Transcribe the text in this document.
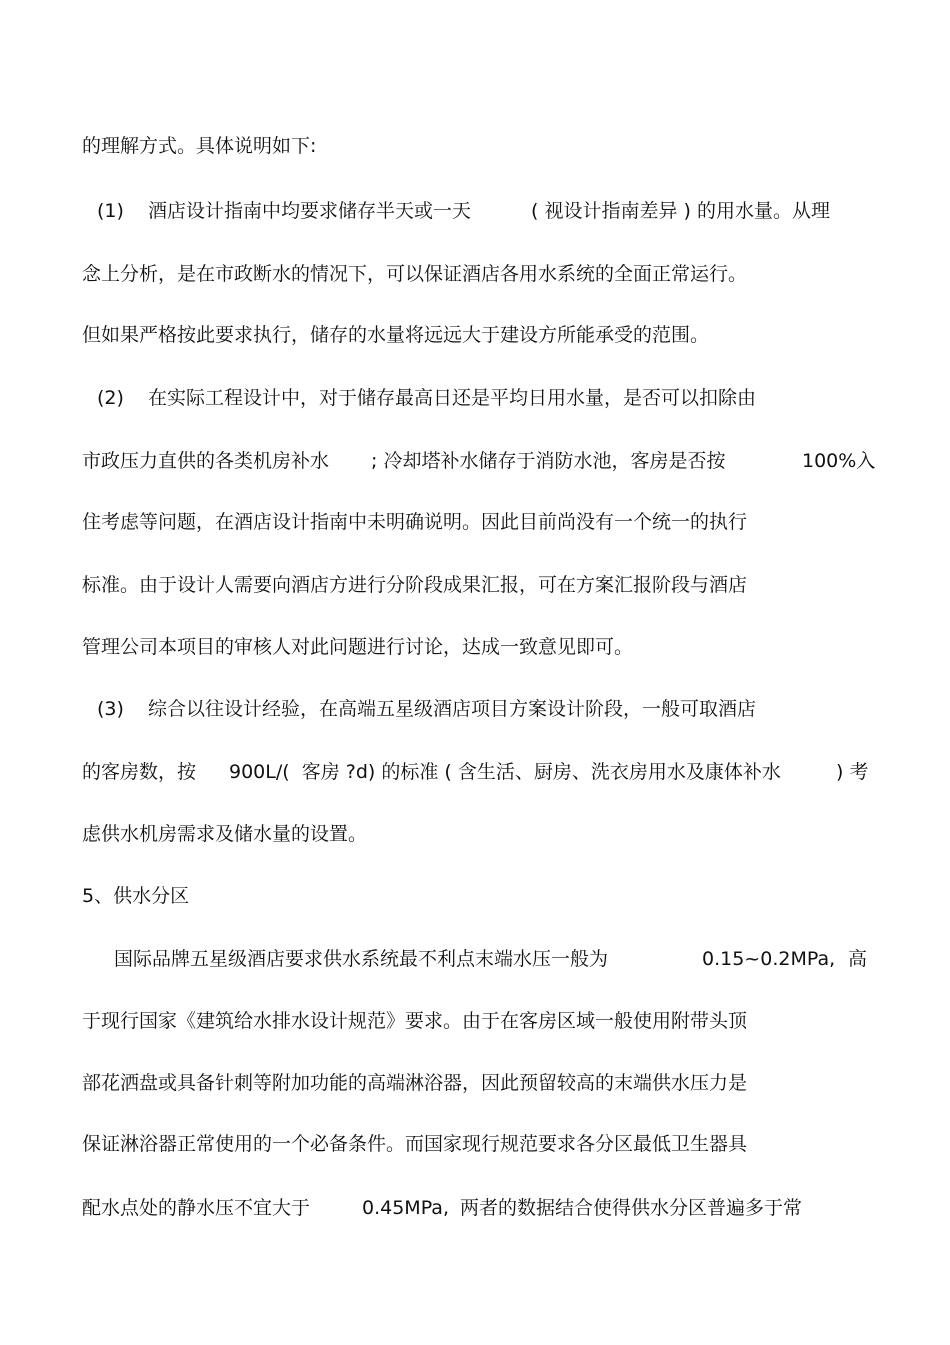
的理解方式。具体说明如下:
(1) 酒店设计指南中均要求储存半天或一天	( 视设计指南差异 ) 的用水量。从理
念上分析，是在市政断水的情况下，可以保证酒店各用水系统的全面正常运行。
但如果严格按此要求执行，储存的水量将远远大于建设方所能承受的范围。
(2) 在实际工程设计中，对于储存最高日还是平均日用水量，是否可以扣除由
市政压力直供的各类机房补水 ; 冷却塔补水储存于消防水池，客房是否按	100%入
住考虑等问题，在酒店设计指南中未明确说明。因此目前尚没有一个统一的执行
标准。由于设计人需要向酒店方进行分阶段成果汇报，可在方案汇报阶段与酒店
管理公司本项目的审核人对此问题进行讨论，达成一致意见即可。
(3) 综合以往设计经验，在高端五星级酒店项目方案设计阶段，一般可取酒店
的客房数，按 900L/(  客房 ?d) 的标准 ( 含生活、厨房、洗衣房用水及康体补水	) 考
虑供水机房需求及储水量的设置。
5、供水分区
国际品牌五星级酒店要求供水系统最不利点末端水压一般为	0.15~0.2MPa, 高
于现行国家《建筑给水排水设计规范》要求。由于在客房区域一般使用附带头顶
部花洒盘或具备针刺等附加功能的高端淋浴器，因此预留较高的末端供水压力是
保证淋浴器正常使用的一个必备条件。而国家现行规范要求各分区最低卫生器具
配水点处的静水压不宜大于	0.45MPa, 两者的数据结合使得供水分区普遍多于常
